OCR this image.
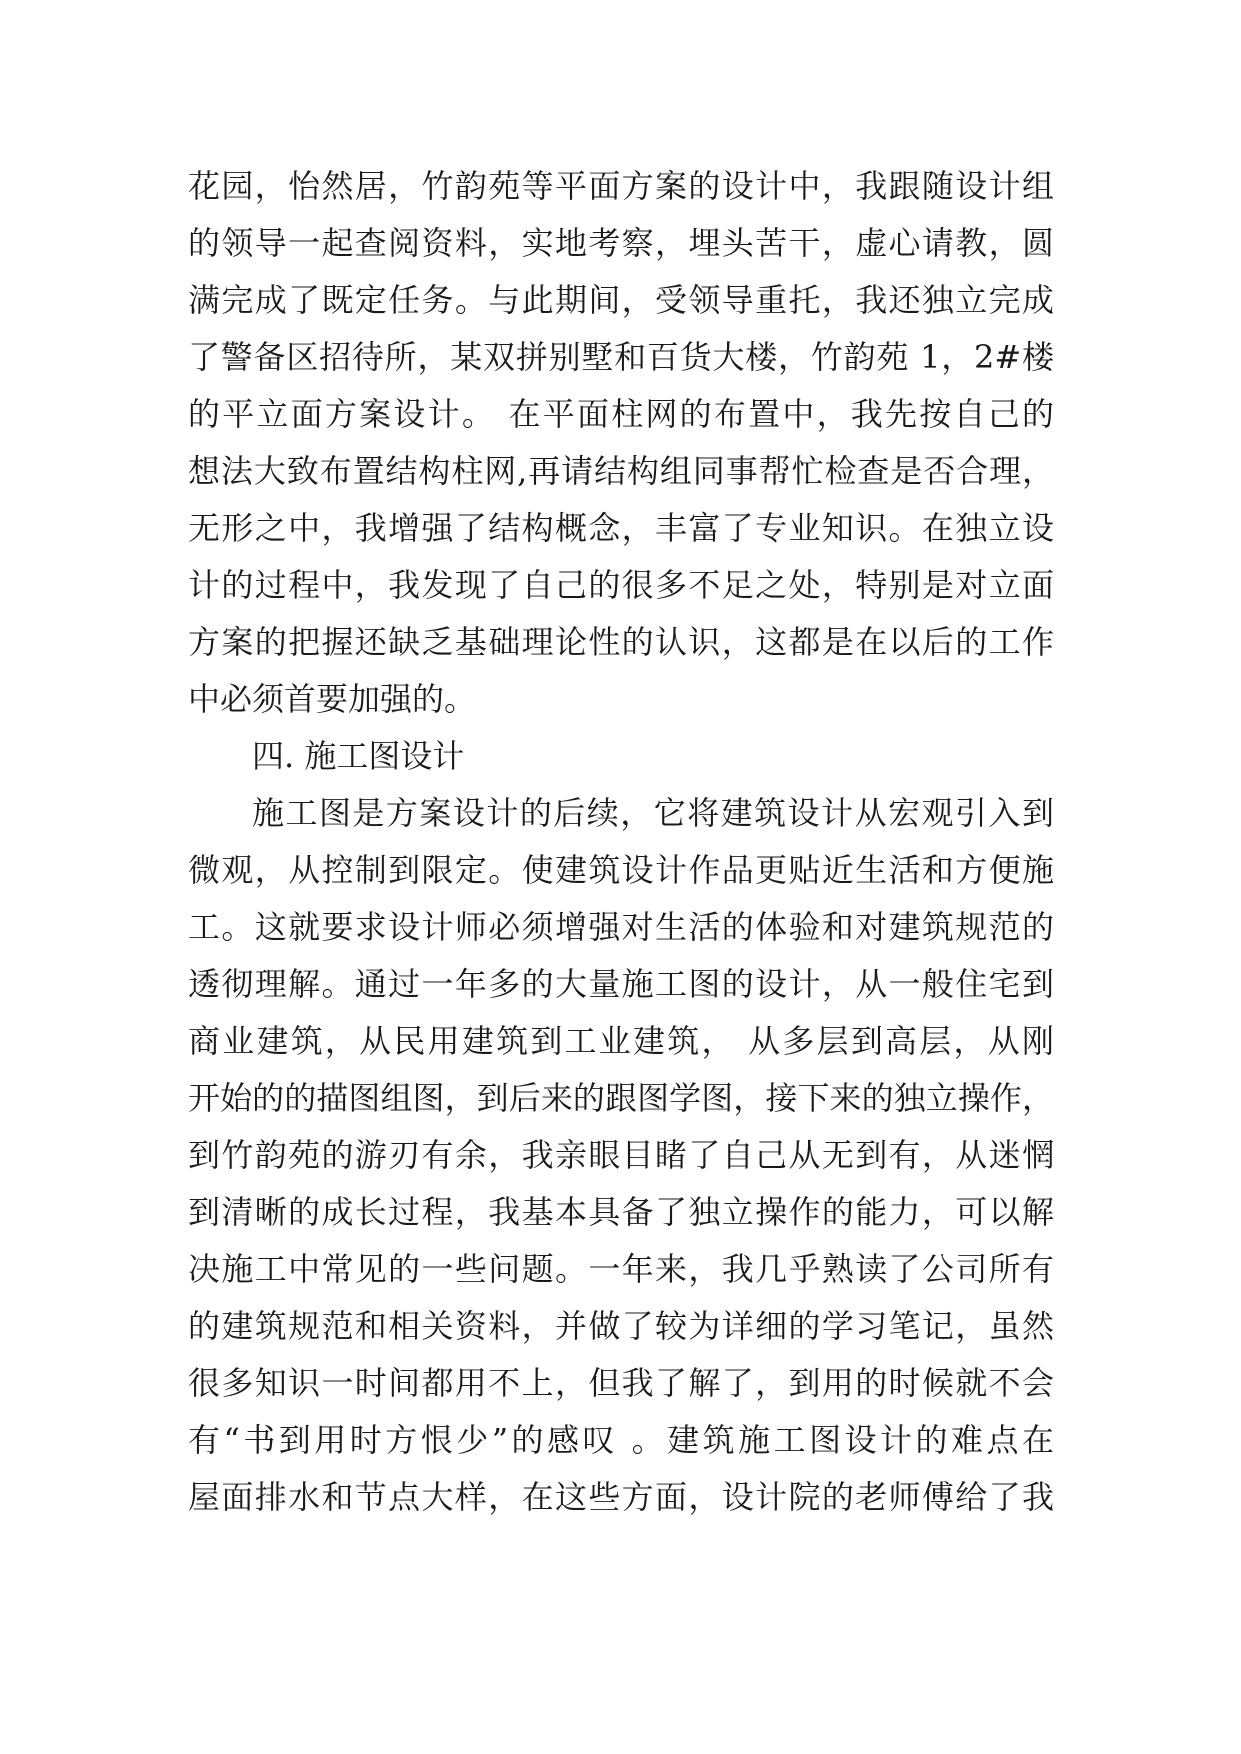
花园，怡然居，竹韵苑等平面方案的设计中，我跟随设计组
的领导一起查阅资料，实地考察，埋头苦干，虚心请教，圆
满完成了既定任务。与此期间，受领导重托，我还独立完成
了警备区招待所，某双拼别墅和百货大楼，竹韵苑 1，2#楼
的平立面方案设计。 在平面柱网的布置中，我先按自己的
想法大致布置结构柱网,再请结构组同事帮忙检查是否合理，
无形之中，我增强了结构概念，丰富了专业知识。在独立设
计的过程中，我发现了自己的很多不足之处，特别是对立面
方案的把握还缺乏基础理论性的认识，这都是在以后的工作
中必须首要加强的。
四. 施工图设计
施工图是方案设计的后续，它将建筑设计从宏观引入到
微观，从控制到限定。使建筑设计作品更贴近生活和方便施
工。这就要求设计师必须增强对生活的体验和对建筑规范的
透彻理解。通过一年多的大量施工图的设计，从一般住宅到
商业建筑，从民用建筑到工业建筑， 从多层到高层，从刚
开始的的描图组图，到后来的跟图学图，接下来的独立操作，
到竹韵苑的游刃有余，我亲眼目睹了自己从无到有，从迷惘
到清晰的成长过程，我基本具备了独立操作的能力，可以解
决施工中常见的一些问题。一年来，我几乎熟读了公司所有
的建筑规范和相关资料，并做了较为详细的学习笔记，虽然
很多知识一时间都用不上，但我了解了，到用的时候就不会
有“书到用时方恨少”的感叹 。建筑施工图设计的难点在
屋面排水和节点大样，在这些方面，设计院的老师傅给了我
